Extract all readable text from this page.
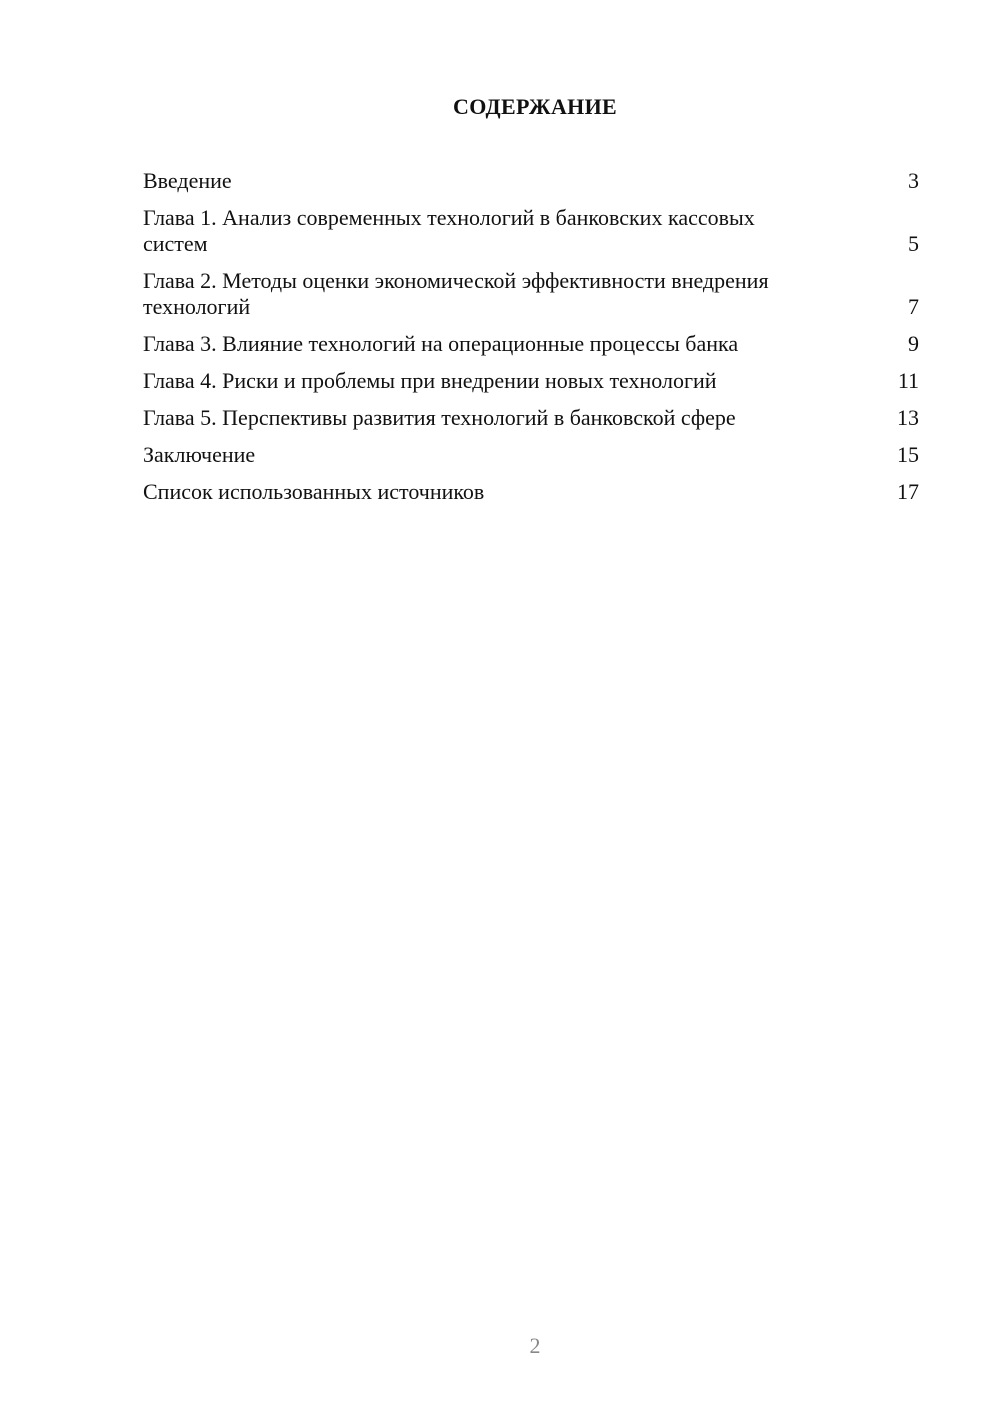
СОДЕРЖАНИЕ
Введение	3
Глава 1. Анализ современных технологий в банковских кассовых систем	5
Глава 2. Методы оценки экономической эффективности внедрения технологий	7
Глава 3. Влияние технологий на операционные процессы банка	9
Глава 4. Риски и проблемы при внедрении новых технологий	11
Глава 5. Перспективы развития технологий в банковской сфере	13
Заключение	15
Список использованных источников	17
2
